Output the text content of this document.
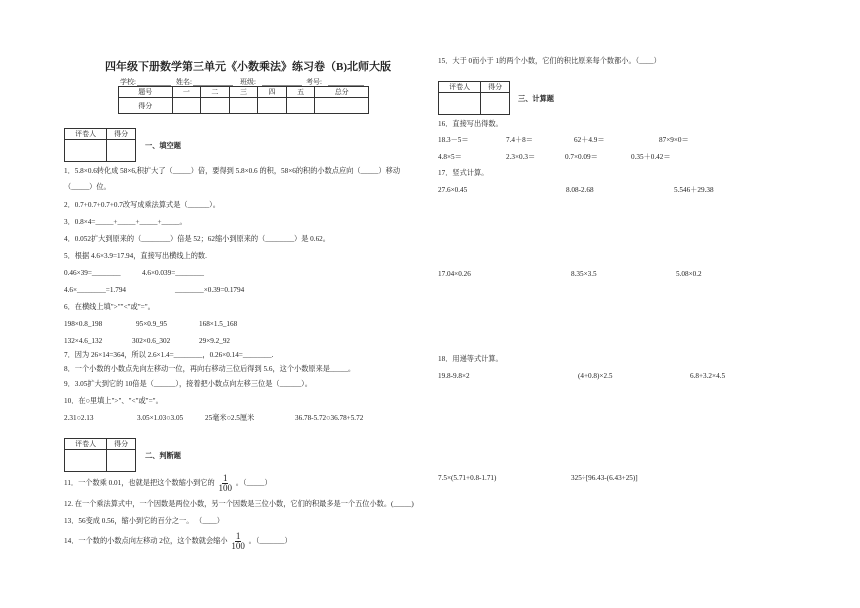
四年级下册数学第三单元《小数乘法》练习卷（B)北师大版
学校:	姓名:	班级:	考号:
题号	一	二	三	四	五	总分
得分						
评卷人	得分

一、填空题
1．5.8×0.6转化成 58×6,积扩大了（_____）倍，要得到 5.8×0.6 的积，58×6的积的小数点应向（_____）移动
（_____）位。
2．0.7+0.7+0.7+0.7改写成乘法算式是（______）。
3．0.8×4=_____+_____+_____+_____。
4．0.052扩大到原来的（________）倍是 52；62缩小到原来的（________）是 0.62。
5．根据 4.6×3.9=17.94，直接写出横线上的数.
0.46×39=________	4.6×0.039=________
4.6×________=1.794	________×0.39=0.1794
6．在横线上填">""<"或"="。
198×0.8_198	95×0.9_95	168×1.5_168
132×4.6_132	302×0.6_302	29×9.2_92
7．因为 26×14=364，所以 2.6×1.4=________，0.26×0.14=________.
8．一个小数的小数点先向左移动一位，再向右移动三位后得到 5.6，这个小数原来是_____。
9．3.05扩大到它的 10倍是（______），接着把小数点向左移三位是（______）。
10．在○里填上">"、"<"或"="。
2.31○2.13	3.05×1.03○3.05	25毫米○2.5厘米	36.78-5.72○36.78+5.72
评卷人	得分

二、判断题
11．一个数乘 0.01，也就是把这个数缩小到它的 $\frac{1}{100}$ 。（_____）
12. 在一个乘法算式中，一个因数是两位小数，另一个因数是三位小数，它们的积最多是一个五位小数。(_____)
13．56变成 0.56，缩小到它的百分之一。 （____）
14．一个数的小数点向左移动 2位，这个数就会缩小 $\frac{1}{100}$ 。（_______）
15．大于 0而小于 1的两个小数，它们的积比原来每个数都小。（____）
评卷人	得分

三、计算题
16．直接写出得数。
18.3－5＝	7.4＋8＝	62＋4.9＝	87×9×0＝
4.8×5＝	2.3×0.3＝	0.7×0.09＝	0.35＋0.42＝
17．竖式计算。
27.6×0.45	8.08-2.68	5.546＋29.38
17.04×0.26	8.35×3.5	5.08×0.2
18．用递等式计算。
19.8-9.8×2	(4+0.8)×2.5	6.8+3.2×4.5
7.5×(5.71+0.8-1.71)	325÷[96.43-(6.43+25)]
